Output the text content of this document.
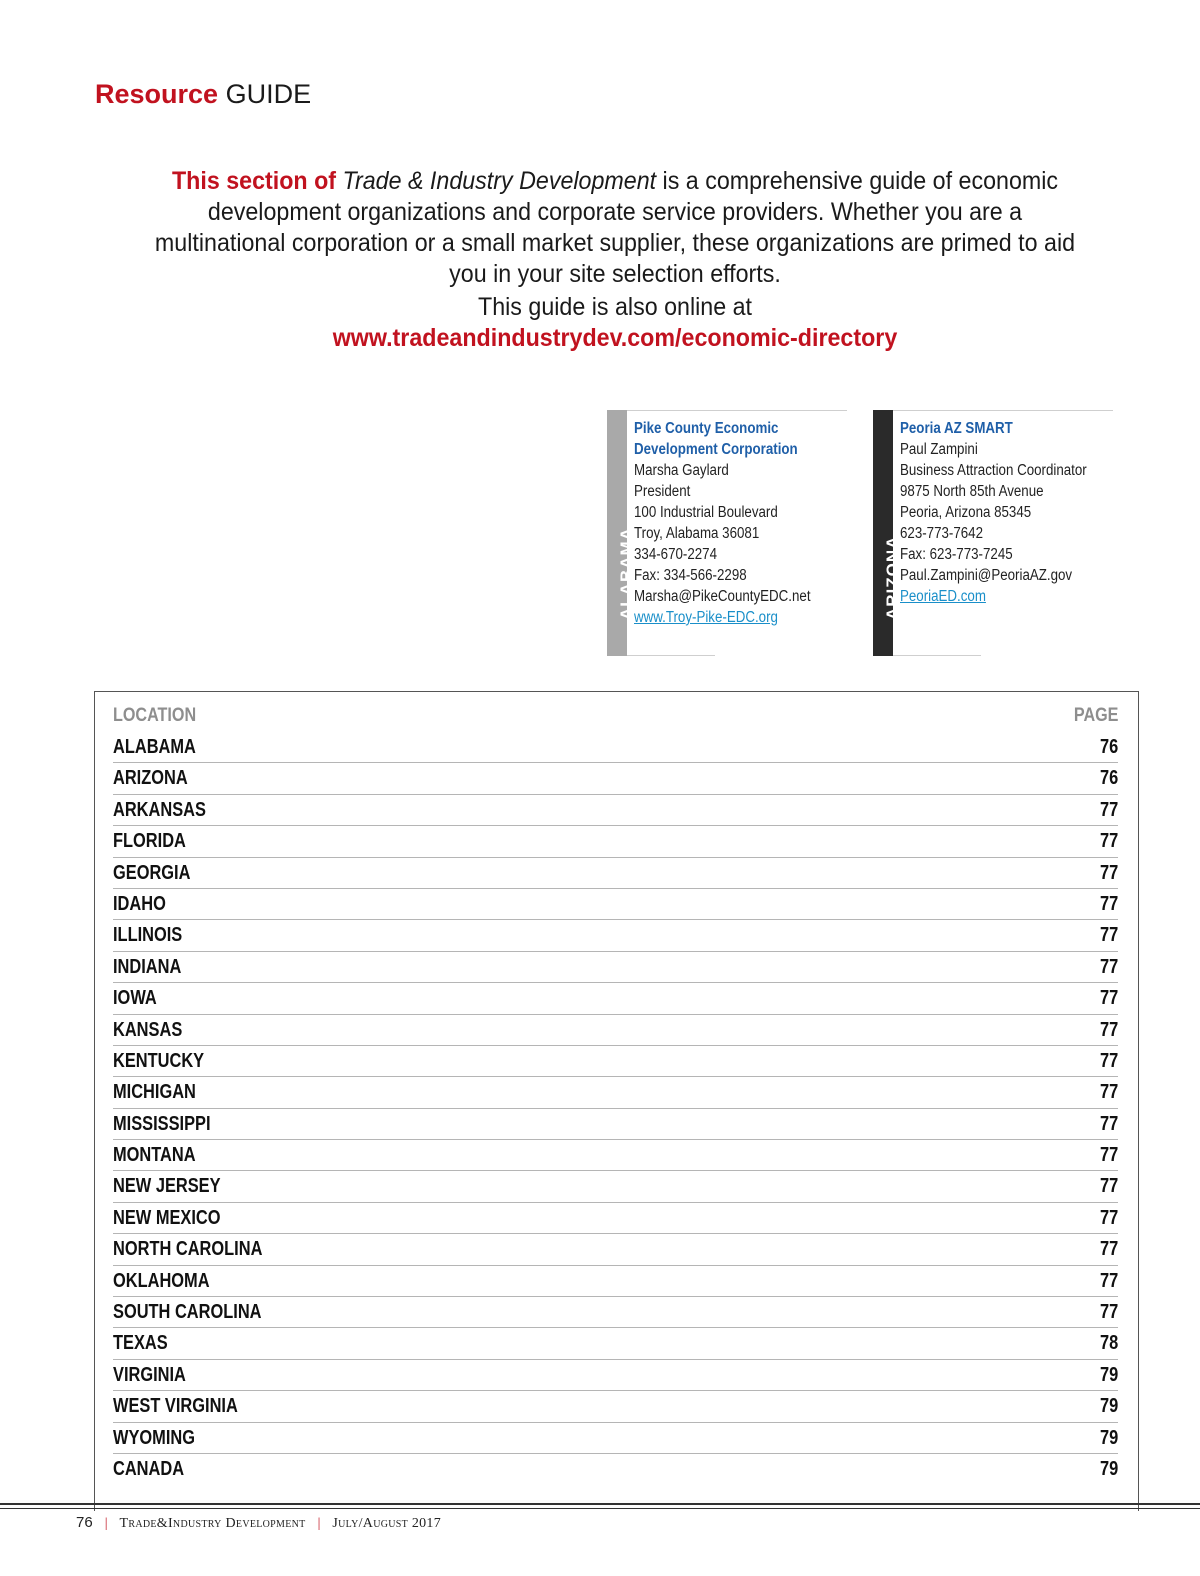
Resource GUIDE
This section of Trade & Industry Development is a comprehensive guide of economic development organizations and corporate service providers. Whether you are a multinational corporation or a small market supplier, these organizations are primed to aid you in your site selection efforts.
This guide is also online at
www.tradeandindustrydev.com/economic-directory
ALABAMA
Pike County Economic
Development Corporation
Marsha Gaylard
President
100 Industrial Boulevard
Troy, Alabama 36081
334-670-2274
Fax: 334-566-2298
Marsha@PikeCountyEDC.net
www.Troy-Pike-EDC.org	ARIZONA
Peoria AZ SMART
Paul Zampini
Business Attraction Coordinator
9875 North 85th Avenue
Peoria, Arizona 85345
623-773-7642
Fax: 623-773-7245
Paul.Zampini@PeoriaAZ.gov
PeoriaED.com
LOCATION	PAGE
ALABAMA	76
ARIZONA	76
ARKANSAS	77
FLORIDA	77
GEORGIA	77
IDAHO	77
ILLINOIS	77
INDIANA	77
IOWA	77
KANSAS	77
KENTUCKY	77
MICHIGAN	77
MISSISSIPPI	77
MONTANA	77
NEW JERSEY	77
NEW MEXICO	77
NORTH CAROLINA	77
OKLAHOMA	77
SOUTH CAROLINA	77
TEXAS	78
VIRGINIA	79
WEST VIRGINIA	79
WYOMING	79
CANADA	79
76 | Trade&Industry Development | July/August 2017
